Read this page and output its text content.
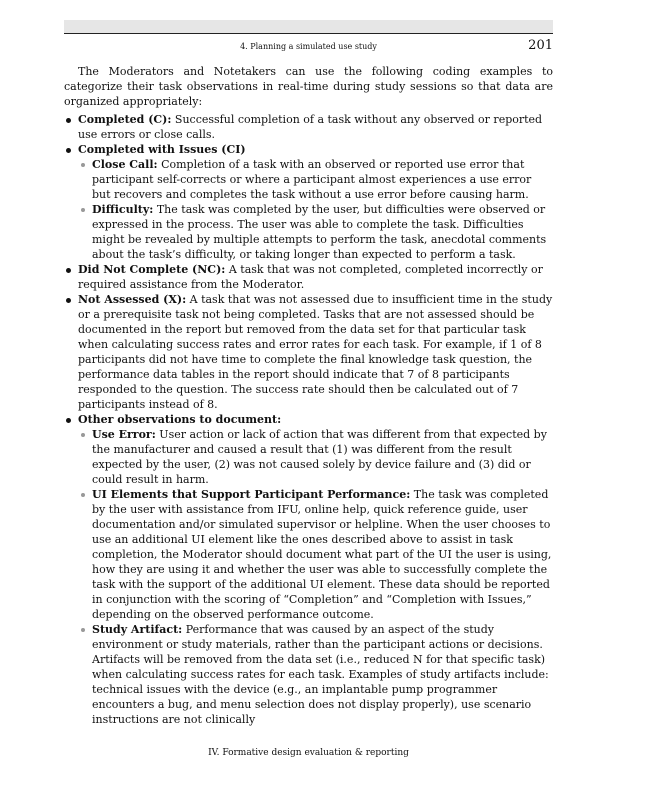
4. Planning a simulated use study	201

The Moderators and Notetakers can use the following coding examples to categorize their task observations in real-time during study sessions so that data are organized appropriately:

Completed (C): Successful completion of a task without any observed or reported use errors or close calls.
Completed with Issues (CI)
Close Call: Completion of a task with an observed or reported use error that participant self-corrects or where a participant almost experiences a use error but recovers and completes the task without a use error before causing harm.
Difficulty: The task was completed by the user, but difficulties were observed or expressed in the process. The user was able to complete the task. Difficulties might be revealed by multiple attempts to perform the task, anecdotal comments about the task’s difficulty, or taking longer than expected to perform a task.
Did Not Complete (NC): A task that was not completed, completed incorrectly or required assistance from the Moderator.
Not Assessed (X): A task that was not assessed due to insufficient time in the study or a prerequisite task not being completed. Tasks that are not assessed should be documented in the report but removed from the data set for that particular task when calculating success rates and error rates for each task. For example, if 1 of 8 participants did not have time to complete the final knowledge task question, the performance data tables in the report should indicate that 7 of 8 participants responded to the question. The success rate should then be calculated out of 7 participants instead of 8.
Other observations to document:
Use Error: User action or lack of action that was different from that expected by the manufacturer and caused a result that (1) was different from the result expected by the user, (2) was not caused solely by device failure and (3) did or could result in harm.
UI Elements that Support Participant Performance: The task was completed by the user with assistance from IFU, online help, quick reference guide, user documentation and/or simulated supervisor or helpline. When the user chooses to use an additional UI element like the ones described above to assist in task completion, the Moderator should document what part of the UI the user is using, how they are using it and whether the user was able to successfully complete the task with the support of the additional UI element. These data should be reported in conjunction with the scoring of “Completion” and “Completion with Issues,” depending on the observed performance outcome.
Study Artifact: Performance that was caused by an aspect of the study environment or study materials, rather than the participant actions or decisions. Artifacts will be removed from the data set (i.e., reduced N for that specific task) when calculating success rates for each task. Examples of study artifacts include: technical issues with the device (e.g., an implantable pump programmer encounters a bug, and menu selection does not display properly), use scenario instructions are not clinically
IV. Formative design evaluation & reporting
